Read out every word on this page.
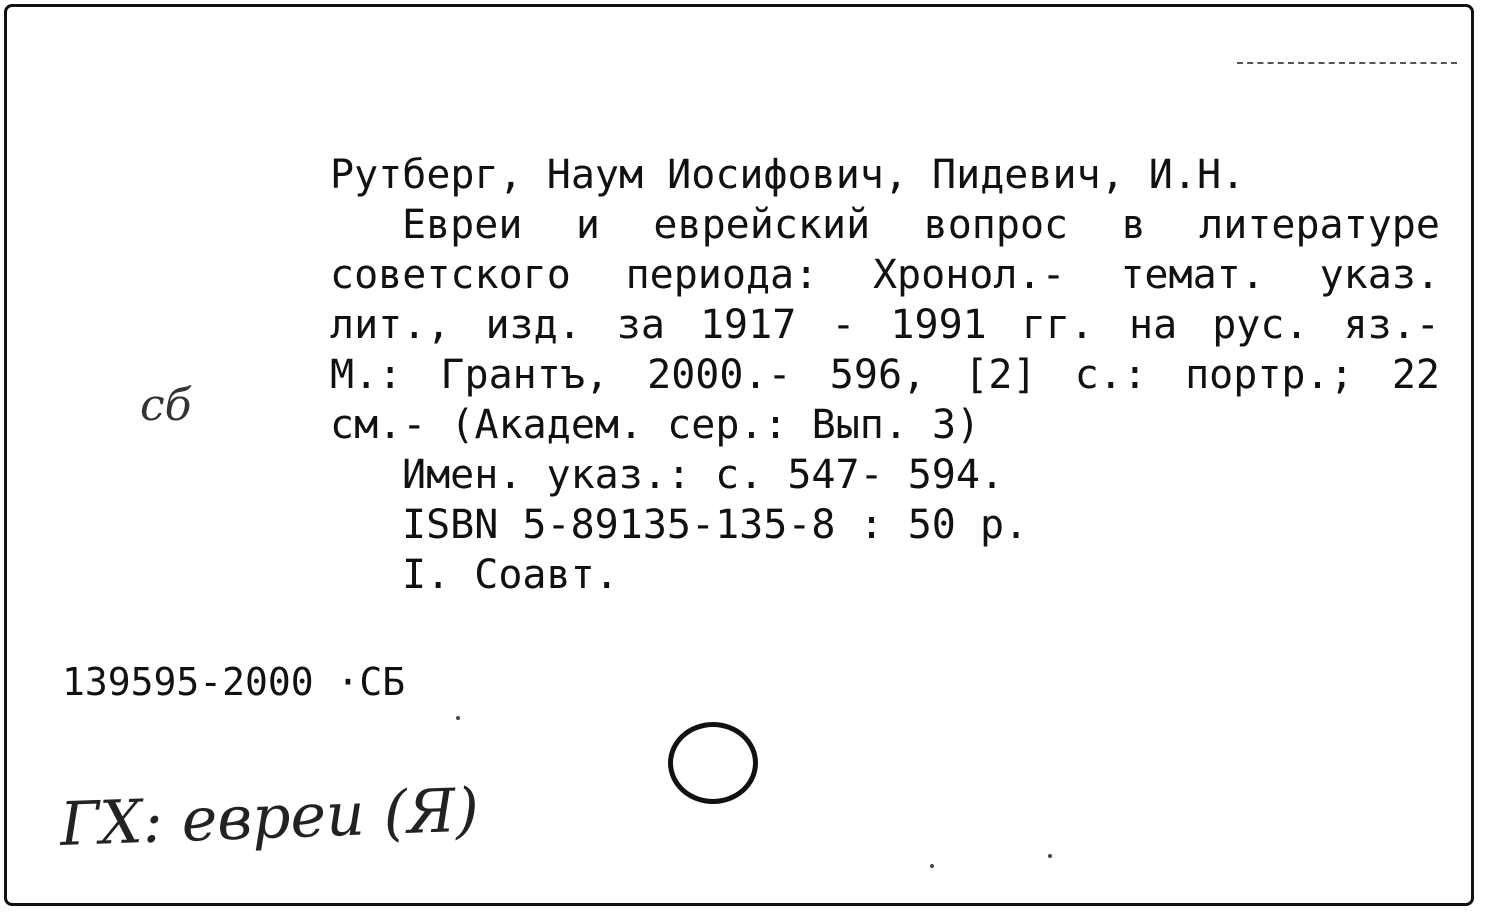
сб
Рутберг, Наум Иосифович, Пидевич, И.Н.
Евреи и еврейский вопрос в литературе
советского периода: Хронол.- темат. указ.
лит., изд. за 1917 - 1991 гг. на рус. яз.-
М.: Грантъ, 2000.- 596, [2] с.: портр.; 22
см.- (Академ. сер.: Вып. 3)
Имен. указ.: с. 547- 594.
ISBN 5-89135-135-8 : 50 р.
I. Соавт.
139595-2000 ·СБ
ГХ: евреи (Я)
